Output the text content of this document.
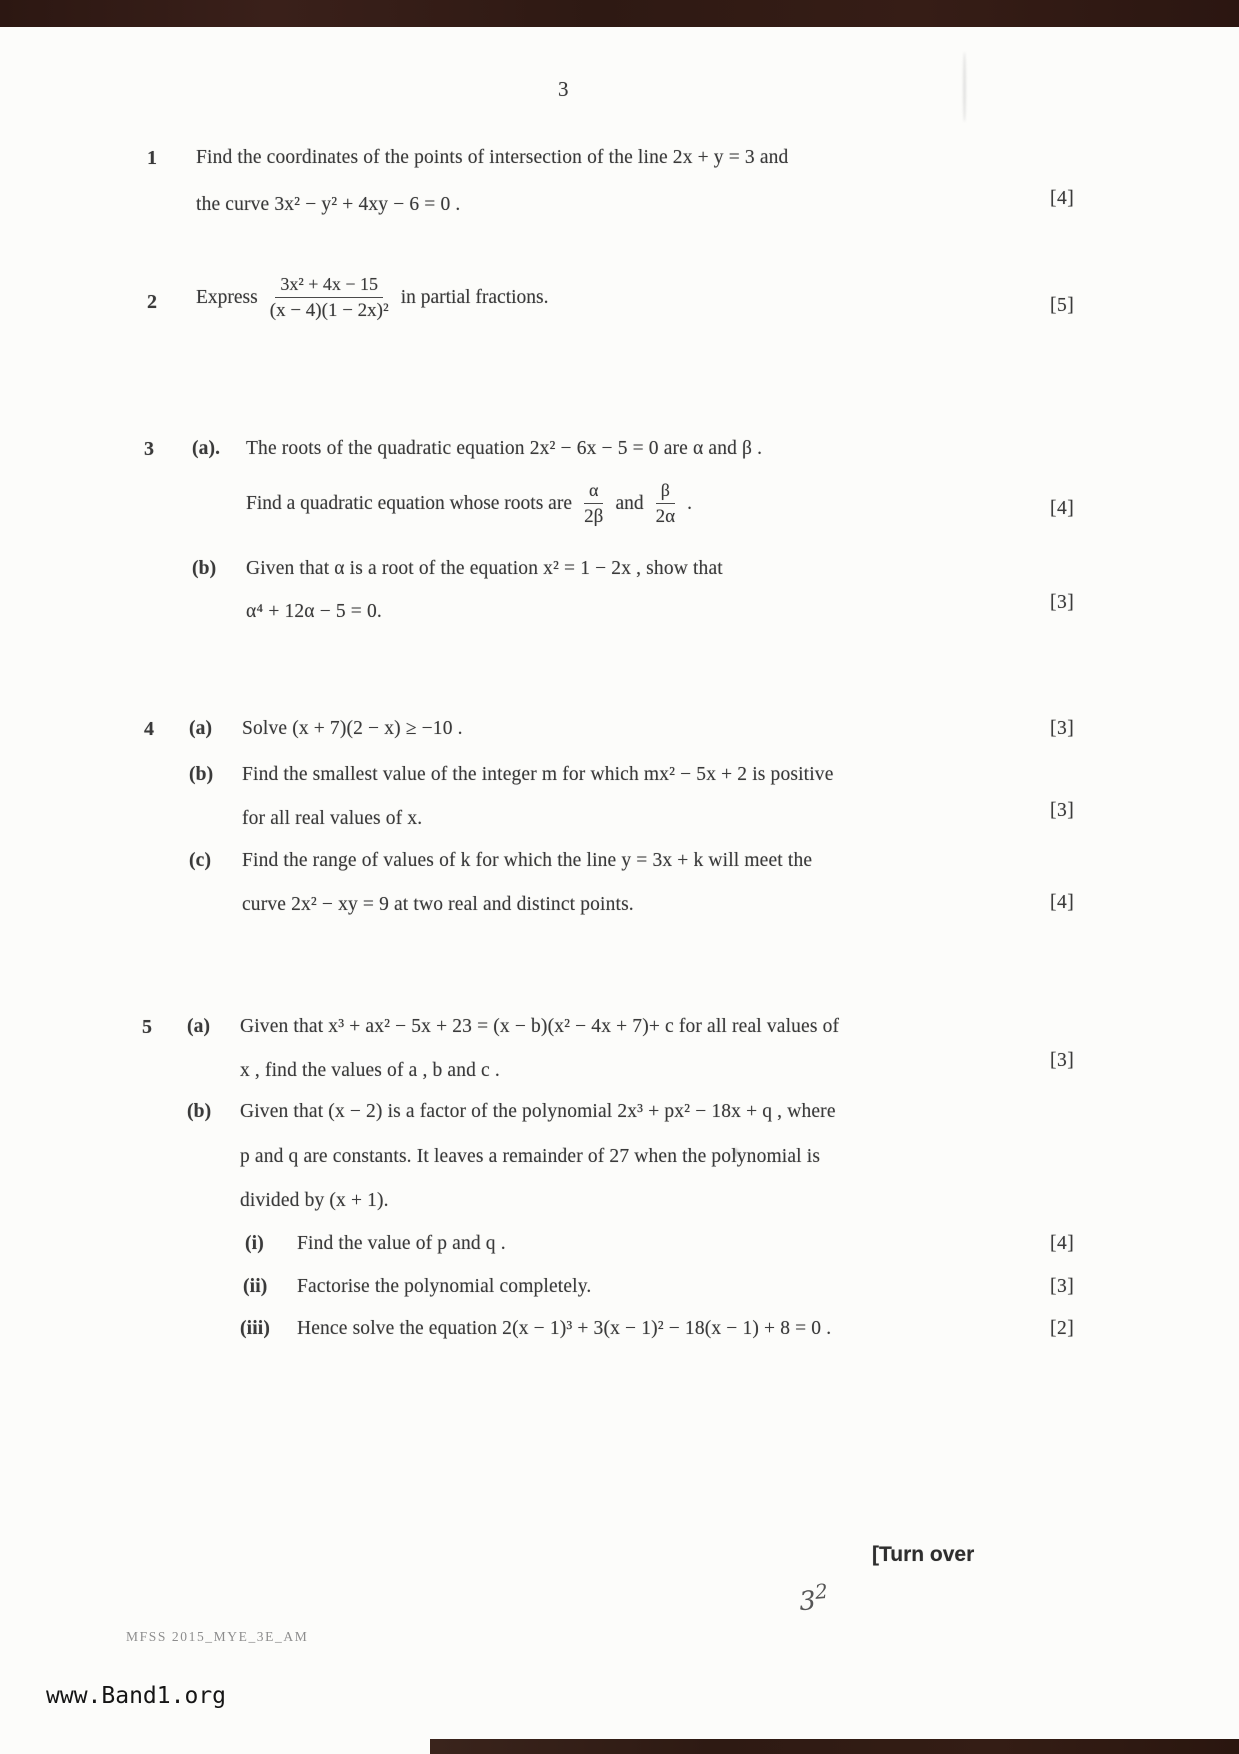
3
1 Find the coordinates of the points of intersection of the line 2x + y = 3 and
the curve 3x² − y² + 4xy − 6 = 0 .	[4]
2 Express $\frac{\text{3x² + 4x − 15}}{\text{(x − 4)(1 − 2x)²}}$ in partial fractions.	[5]
3 (a). The roots of the quadratic equation 2x² − 6x − 5 = 0 are α and β .
Find a quadratic equation whose roots are $\frac{\alpha}{2\beta}$ and $\frac{\beta}{2\alpha}$ .	[4]
(b) Given that α is a root of the equation x² = 1 − 2x , show that
α⁴ + 12α − 5 = 0.	[3]
4 (a) Solve (x + 7)(2 − x) ≥ −10 .	[3]
(b) Find the smallest value of the integer m for which mx² − 5x + 2 is positive
for all real values of x.	[3]
(c) Find the range of values of k for which the line y = 3x + k will meet the
curve 2x² − xy = 9 at two real and distinct points.	[4]
5 (a) Given that x³ + ax² − 5x + 23 = (x − b)(x² − 4x + 7)+ c for all real values of
x , find the values of a , b and c .	[3]
(b) Given that (x − 2) is a factor of the polynomial 2x³ + px² − 18x + q , where
p and q are constants. It leaves a remainder of 27 when the polynomial is
divided by (x + 1).
(i) Find the value of p and q .	[4]
(ii) Factorise the polynomial completely.	[3]
(iii) Hence solve the equation 2(x − 1)³ + 3(x − 1)² − 18(x − 1) + 8 = 0 .	[2]
[Turn over
$3^2$
MFSS 2015_MYE_3E_AM
www.Band1.org
